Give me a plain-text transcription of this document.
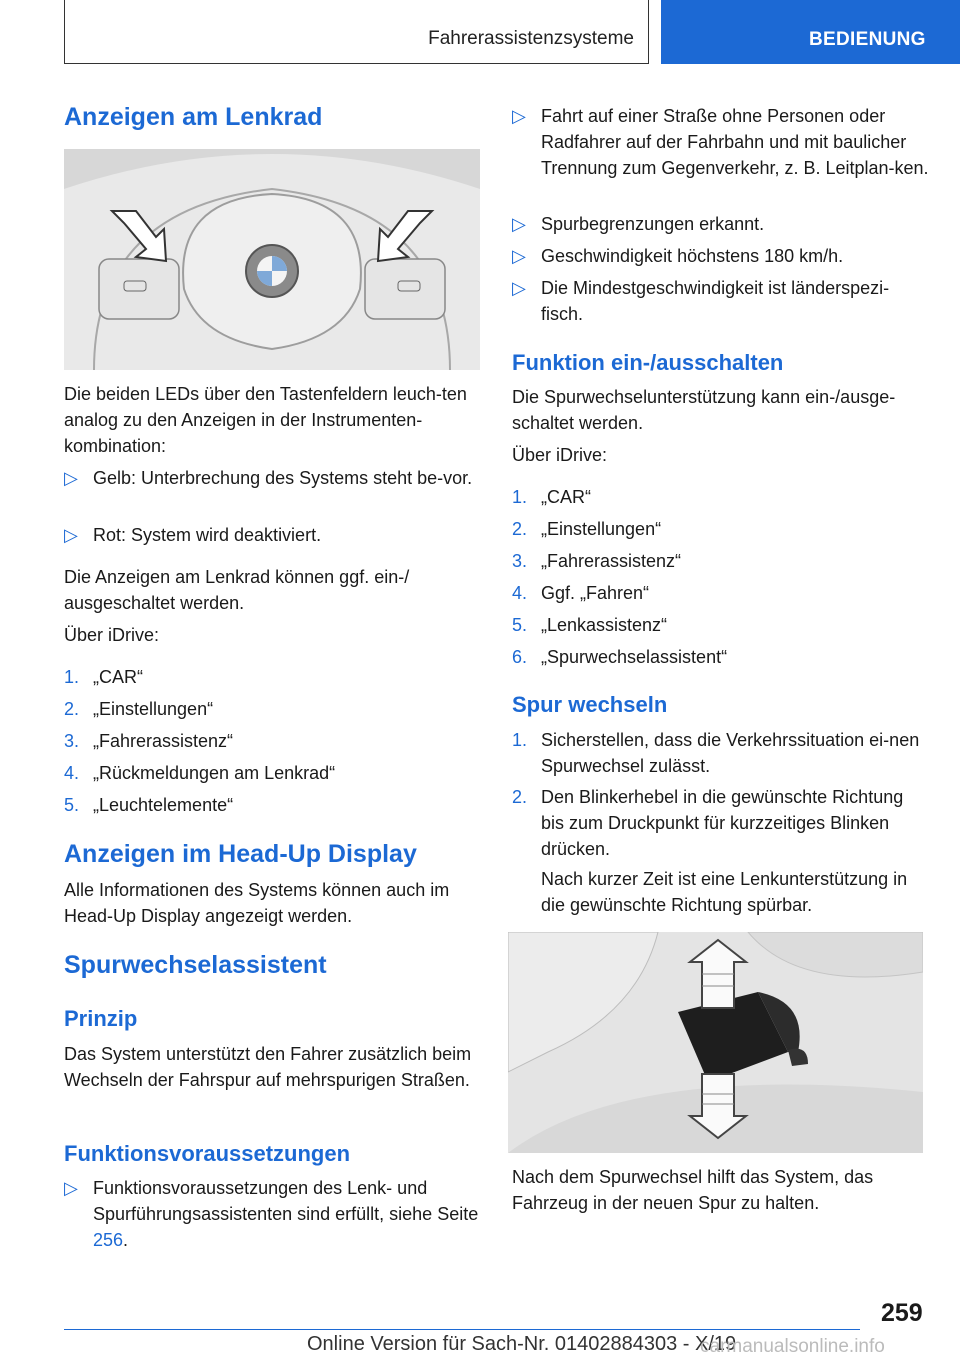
Fahrerassistenzsysteme	BEDIENUNG
Anzeigen am Lenkrad
Die beiden LEDs über den Tastenfeldern leuch-ten analog zu den Anzeigen in der Instrumenten-kombination:
▷ Gelb: Unterbrechung des Systems steht be-vor.
▷ Rot: System wird deaktiviert.
Die Anzeigen am Lenkrad können ggf. ein-/ ausgeschaltet werden.
Über iDrive:
1. „CAR“
2. „Einstellungen“
3. „Fahrerassistenz“
4. „Rückmeldungen am Lenkrad“
5. „Leuchtelemente“
Anzeigen im Head-Up Display
Alle Informationen des Systems können auch im Head-Up Display angezeigt werden.
Spurwechselassistent
Prinzip
Das System unterstützt den Fahrer zusätzlich beim Wechseln der Fahrspur auf mehrspurigen Straßen.
Funktionsvoraussetzungen
▷ Funktionsvoraussetzungen des Lenk- und Spurführungsassistenten sind erfüllt, siehe Seite 256.
▷ Fahrt auf einer Straße ohne Personen oder Radfahrer auf der Fahrbahn und mit baulicher Trennung zum Gegenverkehr, z. B. Leitplan-ken.
▷ Spurbegrenzungen erkannt.
▷ Geschwindigkeit höchstens 180 km/h.
▷ Die Mindestgeschwindigkeit ist länderspezi-fisch.
Funktion ein-/ausschalten
Die Spurwechselunterstützung kann ein-/ausge-schaltet werden.
Über iDrive:
1. „CAR“
2. „Einstellungen“
3. „Fahrerassistenz“
4. Ggf. „Fahren“
5. „Lenkassistenz“
6. „Spurwechselassistent“
Spur wechseln
1. Sicherstellen, dass die Verkehrssituation ei-nen Spurwechsel zulässt.
2. Den Blinkerhebel in die gewünschte Richtung bis zum Druckpunkt für kurzzeitiges Blinken drücken.
Nach kurzer Zeit ist eine Lenkunterstützung in die gewünschte Richtung spürbar.
Nach dem Spurwechsel hilft das System, das Fahrzeug in der neuen Spur zu halten.
259
Online Version für Sach-Nr. 01402884303 - X/19
carmanualsonline.info
